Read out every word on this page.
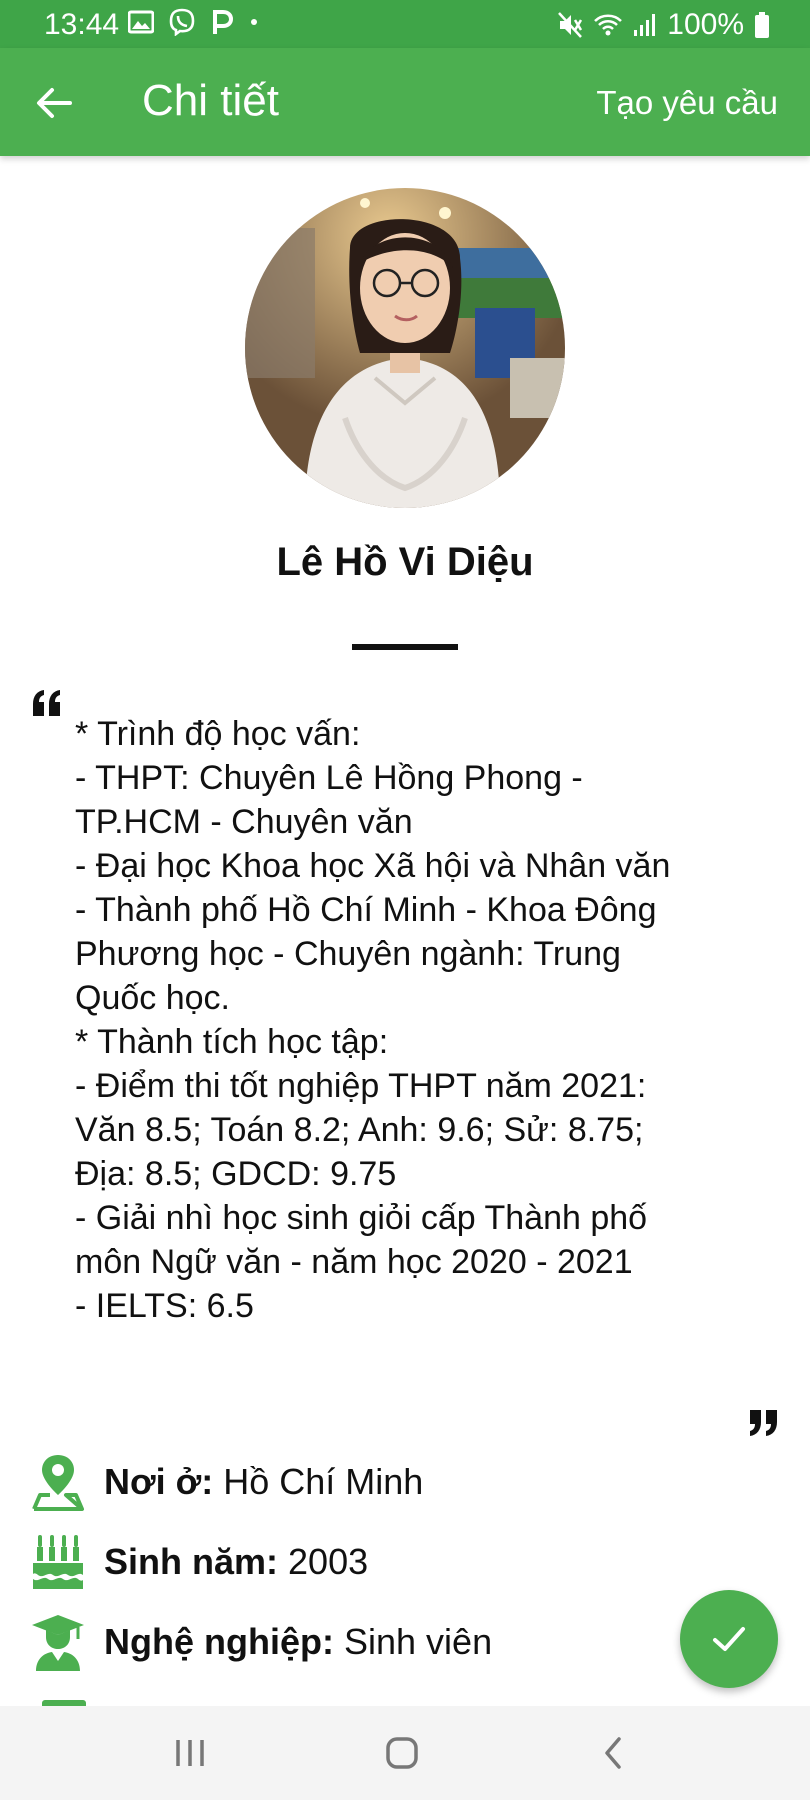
13:44	100%
Chi tiết	Tạo yêu cầu
Lê Hồ Vi Diệu
* Trình độ học vấn:
- THPT: Chuyên Lê Hồng Phong -
TP.HCM - Chuyên văn
- Đại học Khoa học Xã hội và Nhân văn
- Thành phố Hồ Chí Minh - Khoa Đông
Phương học - Chuyên ngành: Trung
Quốc học.
* Thành tích học tập:
- Điểm thi tốt nghiệp THPT năm 2021:
Văn 8.5; Toán 8.2; Anh: 9.6; Sử: 8.75;
Địa: 8.5; GDCD: 9.75
- Giải nhì học sinh giỏi cấp Thành phố
môn Ngữ văn - năm học 2020 - 2021
- IELTS: 6.5
Nơi ở: Hồ Chí Minh
Sinh năm: 2003
Nghệ nghiệp: Sinh viên
